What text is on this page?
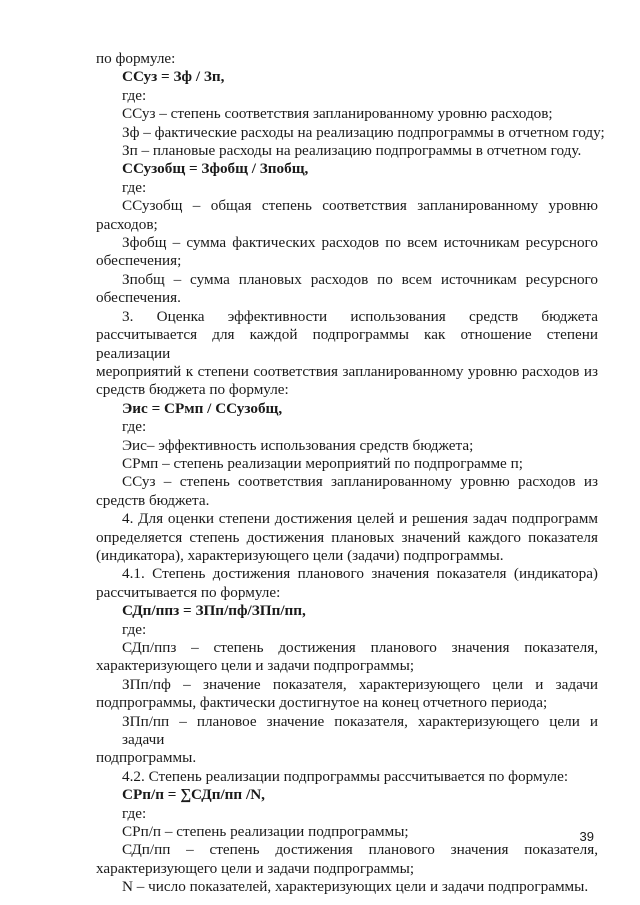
по формуле:

ССуз = Зф / Зп,

где:

ССуз – степень соответствия запланированному уровню расходов;

Зф – фактические расходы на реализацию подпрограммы в отчетном году;

Зп – плановые расходы на реализацию подпрограммы в отчетном году.

ССузобщ = Зфобщ / Зпобщ,

где:

ССузобщ – общая степень соответствия запланированному уровню

расходов;

Зфобщ – сумма фактических расходов по всем источникам ресурсного

обеспечения;

Зпобщ – сумма плановых расходов по всем источникам ресурсного

обеспечения.

3. Оценка эффективности использования средств бюджета

рассчитывается для каждой подпрограммы как отношение степени реализации

мероприятий к степени соответствия запланированному уровню расходов из

средств бюджета по формуле:

Эис = СРмп / ССузобщ,

где:

Эис– эффективность использования средств бюджета;

СРмп – степень реализации мероприятий по подпрограмме п;

ССуз – степень соответствия запланированному уровню расходов из

средств бюджета.

4. Для оценки степени достижения целей и решения задач подпрограмм

определяется степень достижения плановых значений каждого показателя

(индикатора), характеризующего цели (задачи) подпрограммы.

4.1. Степень достижения планового значения показателя (индикатора)

рассчитывается по формуле:

СДп/ппз = ЗПп/пф/ЗПп/пп,

где:

СДп/ппз – степень достижения планового значения показателя,

характеризующего цели и задачи подпрограммы;

ЗПп/пф – значение показателя, характеризующего цели и задачи

подпрограммы, фактически достигнутое на конец отчетного периода;

ЗПп/пп – плановое значение показателя, характеризующего цели и задачи

подпрограммы.

4.2. Степень реализации подпрограммы рассчитывается по формуле:

СРп/п = ∑СДп/пп /N,

где:

СРп/п – степень реализации подпрограммы;

СДп/пп – степень достижения планового значения показателя,

характеризующего цели и задачи подпрограммы;

N – число показателей, характеризующих цели и задачи подпрограммы.

39
